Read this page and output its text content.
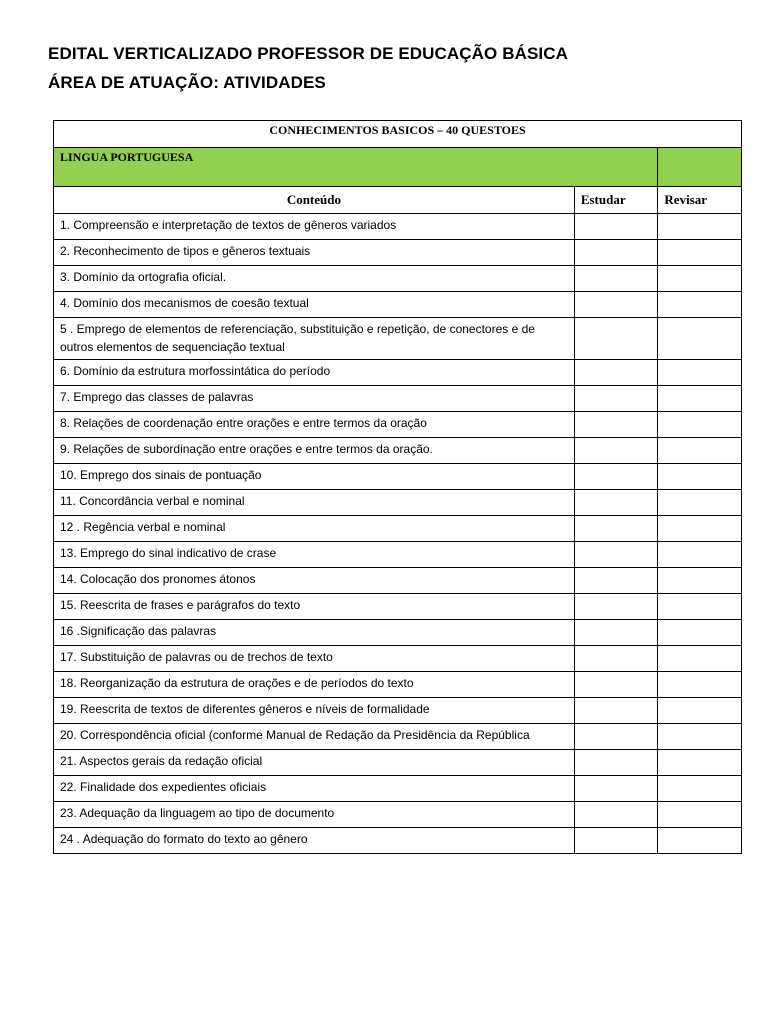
EDITAL VERTICALIZADO PROFESSOR DE EDUCAÇÃO BÁSICA
ÁREA DE ATUAÇÃO: ATIVIDADES
CONHECIMENTOS BASICOS – 40 QUESTOES		
LINGUA PORTUGUESA		
Conteúdo	Estudar	Revisar
1. Compreensão e interpretação de textos de gêneros variados		
2. Reconhecimento de tipos e gêneros textuais		
3. Domínio da ortografia oficial.		
4. Domínio dos mecanismos de coesão textual		
5 . Emprego de elementos de referenciação, substituição e repetição, de conectores e de outros elementos de sequenciação textual		
6. Domínio da estrutura morfossintática do período		
7. Emprego das classes de palavras		
8. Relações de coordenação entre orações e entre termos da oração		
9. Relações de subordinação entre orações e entre termos da oração.		
10. Emprego dos sinais de pontuação		
11. Concordância verbal e nominal		
12 . Regência verbal e nominal		
13. Emprego do sinal indicativo de crase		
14. Colocação dos pronomes átonos		
15. Reescrita de frases e parágrafos do texto		
16 .Significação das palavras		
17. Substituição de palavras ou de trechos de texto		
18. Reorganização da estrutura de orações e de períodos do texto		
19. Reescrita de textos de diferentes gêneros e níveis de formalidade		
20. Correspondência oficial (conforme Manual de Redação da Presidência da República		
21. Aspectos gerais da redação oficial		
22. Finalidade dos expedientes oficiais		
23. Adequação da linguagem ao tipo de documento		
24 . Adequação do formato do texto ao gênero		
